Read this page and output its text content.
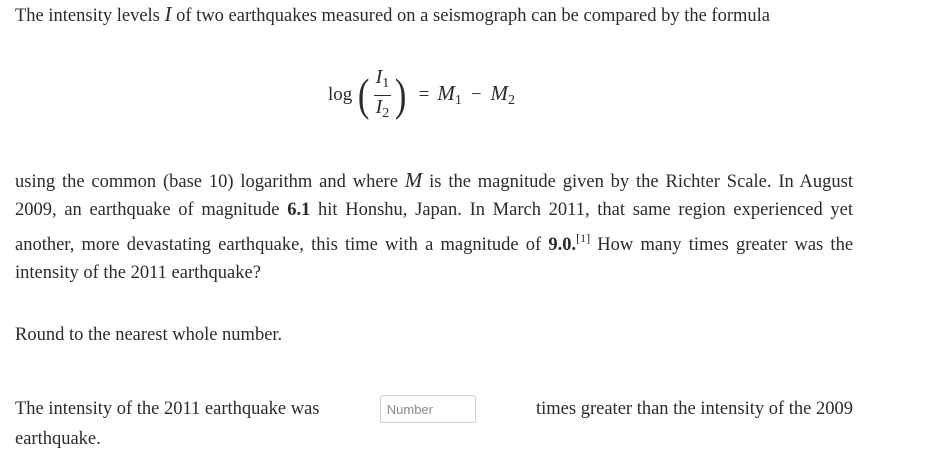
The intensity levels I of two earthquakes measured on a seismograph can be compared by the formula

log ( $\frac{I_1}{I_2}$ ) = $M_1 - M_2$

using the common (base 10) logarithm and where M is the magnitude given by the Richter Scale. In August 2009, an earthquake of magnitude 6.1 hit Honshu, Japan. In March 2011, that same region experienced yet another, more devastating earthquake, this time with a magnitude of 9.0.[1] How many times greater was the intensity of the 2011 earthquake?

Round to the nearest whole number.

The intensity of the 2011 earthquake was
Number	times greater than the intensity of the 2009
earthquake.
